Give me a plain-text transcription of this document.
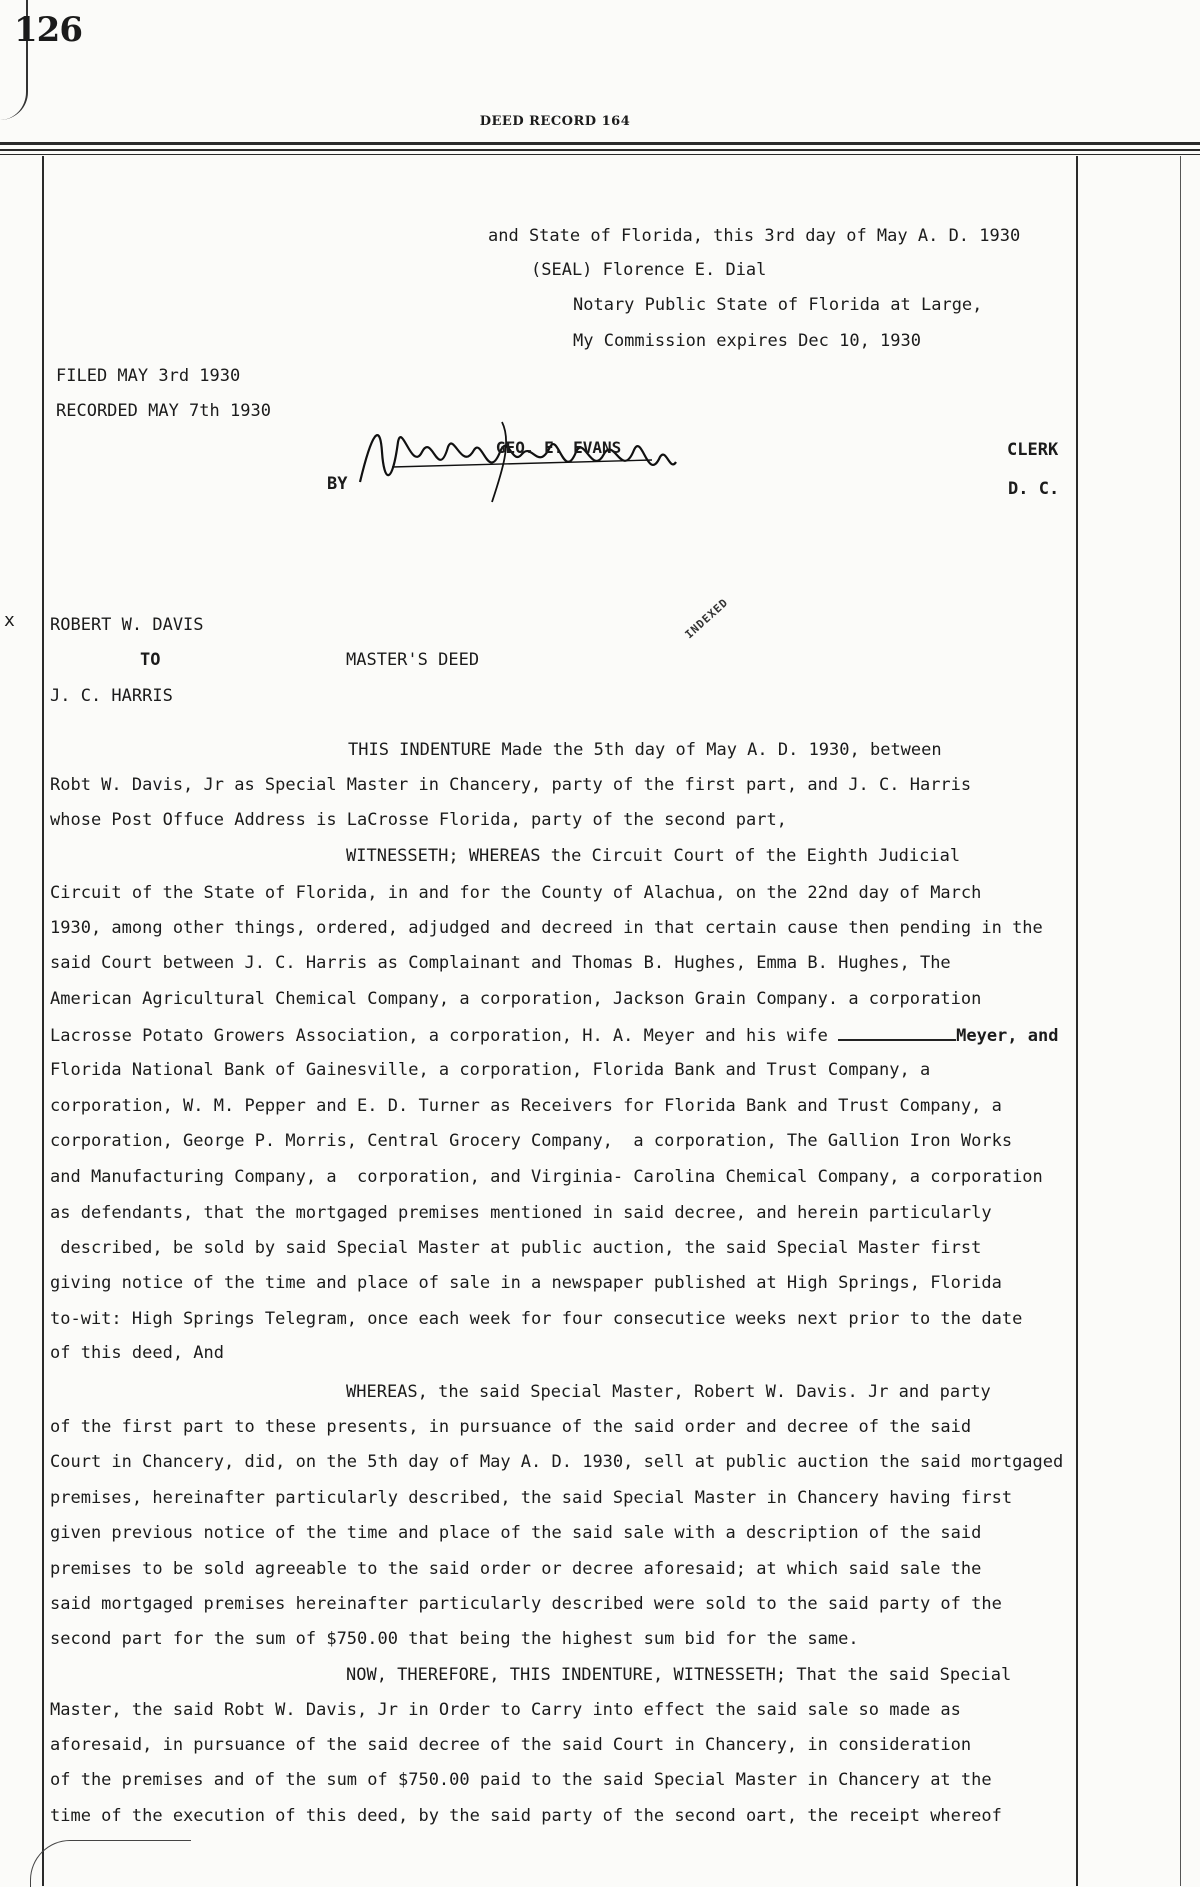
126
DEED RECORD 164
and State of Florida, this 3rd day of May A. D. 1930
(SEAL) Florence E. Dial
Notary Public State of Florida at Large,
My Commission expires Dec 10, 1930
FILED MAY 3rd 1930
RECORDED MAY 7th 1930
GEO. E. EVANS	CLERK
BY	D. C.
INDEXED
x ROBERT W. DAVIS
TO	MASTER'S DEED
J. C. HARRIS
THIS INDENTURE Made the 5th day of May A. D. 1930, between
Robt W. Davis, Jr as Special Master in Chancery, party of the first part, and J. C. Harris
whose Post Offuce Address is LaCrosse Florida, party of the second part,
WITNESSETH; WHEREAS the Circuit Court of the Eighth Judicial
Circuit of the State of Florida, in and for the County of Alachua, on the 22nd day of March
1930, among other things, ordered, adjudged and decreed in that certain cause then pending in the
said Court between J. C. Harris as Complainant and Thomas B. Hughes, Emma B. Hughes, The
American Agricultural Chemical Company, a corporation, Jackson Grain Company. a corporation
Lacrosse Potato Growers Association, a corporation, H. A. Meyer and his wife	Meyer, and
Florida National Bank of Gainesville, a corporation, Florida Bank and Trust Company, a
corporation, W. M. Pepper and E. D. Turner as Receivers for Florida Bank and Trust Company, a
corporation, George P. Morris, Central Grocery Company,  a corporation, The Gallion Iron Works
and Manufacturing Company, a  corporation, and Virginia- Carolina Chemical Company, a corporation
as defendants, that the mortgaged premises mentioned in said decree, and herein particularly
described, be sold by said Special Master at public auction, the said Special Master first
giving notice of the time and place of sale in a newspaper published at High Springs, Florida
to-wit: High Springs Telegram, once each week for four consecutice weeks next prior to the date
of this deed, And
WHEREAS, the said Special Master, Robert W. Davis. Jr and party
of the first part to these presents, in pursuance of the said order and decree of the said
Court in Chancery, did, on the 5th day of May A. D. 1930, sell at public auction the said mortgaged
premises, hereinafter particularly described, the said Special Master in Chancery having first
given previous notice of the time and place of the said sale with a description of the said
premises to be sold agreeable to the said order or decree aforesaid; at which said sale the
said mortgaged premises hereinafter particularly described were sold to the said party of the
second part for the sum of $750.00 that being the highest sum bid for the same.
NOW, THEREFORE, THIS INDENTURE, WITNESSETH; That the said Special
Master, the said Robt W. Davis, Jr in Order to Carry into effect the said sale so made as
aforesaid, in pursuance of the said decree of the said Court in Chancery, in consideration
of the premises and of the sum of $750.00 paid to the said Special Master in Chancery at the
time of the execution of this deed, by the said party of the second oart, the receipt whereof
